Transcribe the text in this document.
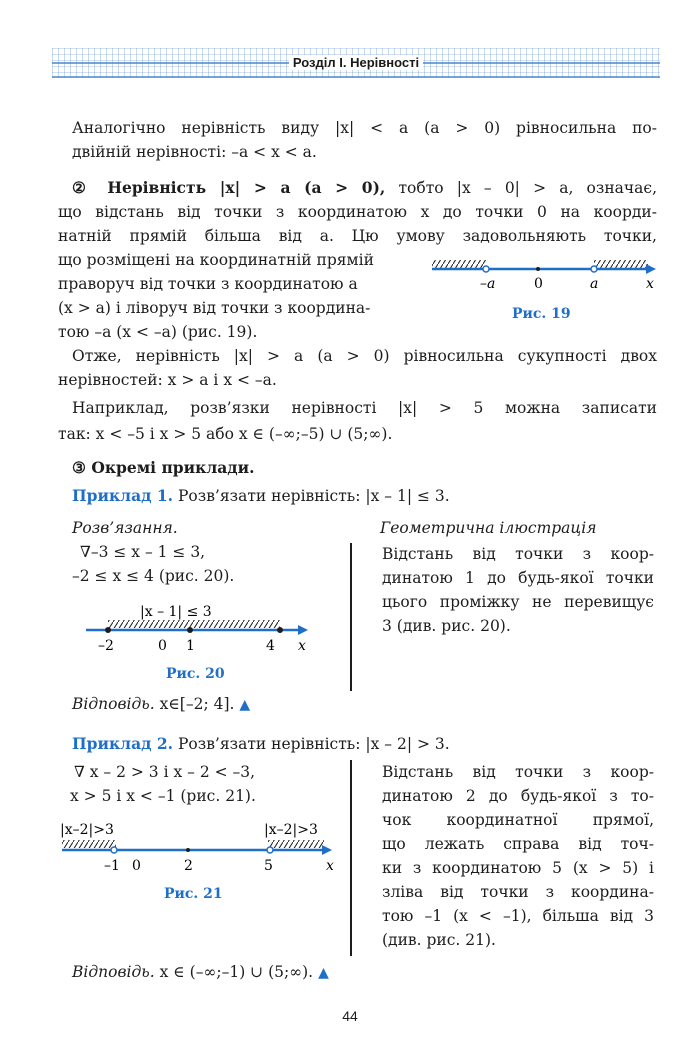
Розділ І. Нерівності
Аналогічно нерівність виду |x| < a (a > 0) рівносильна по-
двійній нерівності: –a < x < a.
② Нерівність |x| > a (a > 0), тобто |x – 0| > a, означає,
що відстань від точки з координатою x до точки 0 на коорди-
натній прямій більша від a. Цю умову задовольняють точки,
що розміщені на координатній прямій
праворуч від точки з координатою a
(x > a) і ліворуч від точки з координа-
тою –a (x < –a) (рис. 19).
–a	0	a	x
Рис. 19
Отже, нерівність |x| > a (a > 0) рівносильна сукупності двох
нерівностей: x > a і x < –a.
Наприклад, розв’язки нерівності |x| > 5 можна записати
так: x < –5 і x > 5 або x ∈ (–∞;–5) ∪ (5;∞).
③ Окремі приклади.
Приклад 1. Розв’язати нерівність: |x – 1| ≤ 3.
Розв’язання.	Геометрична ілюстрація
∇–3 ≤ x – 1 ≤ 3,
–2 ≤ x ≤ 4 (рис. 20).
Відстань від точки з коор-
динатою 1 до будь-якої точки
цього проміжку не перевищує
3 (див. рис. 20).
|x – 1| ≤ 3
–2	0 1	4 x
Рис. 20
Відповідь. x∈[–2; 4]. ▲
Приклад 2. Розв’язати нерівність: |x – 2| > 3.
∇ x – 2 > 3 і x – 2 < –3,
x > 5 і x < –1 (рис. 21).
Відстань від точки з коор-
динатою 2 до будь-якої з то-
чок координатної прямої,
що лежать справа від точ-
ки з координатою 5 (x > 5) і
зліва від точки з координа-
тою –1 (x < –1), більша від 3
(див. рис. 21).
|x–2|>3	|x–2|>3
–1 0	2	5	x
Рис. 21
Відповідь. x ∈ (–∞;–1) ∪ (5;∞). ▲
44
